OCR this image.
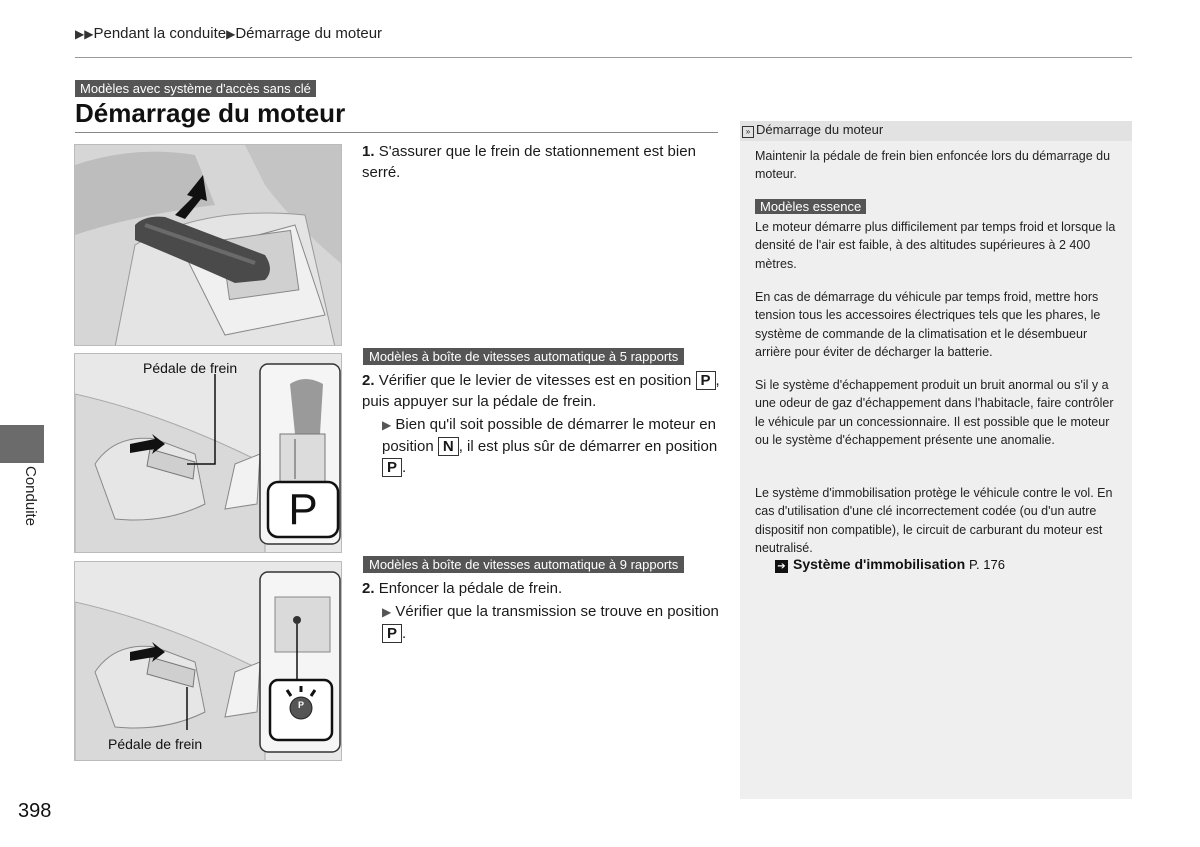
▶▶Pendant la conduite▶Démarrage du moteur
Modèles avec système d'accès sans clé
Démarrage du moteur
1. S'assurer que le frein de stationnement est bien serré.
Pédale de frein
P
Modèles à boîte de vitesses automatique à 5 rapports
2. Vérifier que le levier de vitesses est en position P , puis appuyer sur la pédale de frein.
▶ Bien qu'il soit possible de démarrer le moteur en position N , il est plus sûr de démarrer en position P .
P
Pédale de frein
Modèles à boîte de vitesses automatique à 9 rapports
2. Enfoncer la pédale de frein.
▶ Vérifier que la transmission se trouve en position P .
» Démarrage du moteur
Maintenir la pédale de frein bien enfoncée lors du démarrage du moteur.
Modèles essence
Le moteur démarre plus difficilement par temps froid et lorsque la densité de l'air est faible, à des altitudes supérieures à 2 400 mètres.
En cas de démarrage du véhicule par temps froid, mettre hors tension tous les accessoires électriques tels que les phares, le système de commande de la climatisation et le désembueur arrière pour éviter de décharger la batterie.
Si le système d'échappement produit un bruit anormal ou s'il y a une odeur de gaz d'échappement dans l'habitacle, faire contrôler le véhicule par un concessionnaire. Il est possible que le moteur ou le système d'échappement présente une anomalie.
Le système d'immobilisation protège le véhicule contre le vol. En cas d'utilisation d'une clé incorrectement codée (ou d'un autre dispositif non compatible), le circuit de carburant du moteur est neutralisé.
➔ Système d'immobilisation P. 176
Conduite
398
